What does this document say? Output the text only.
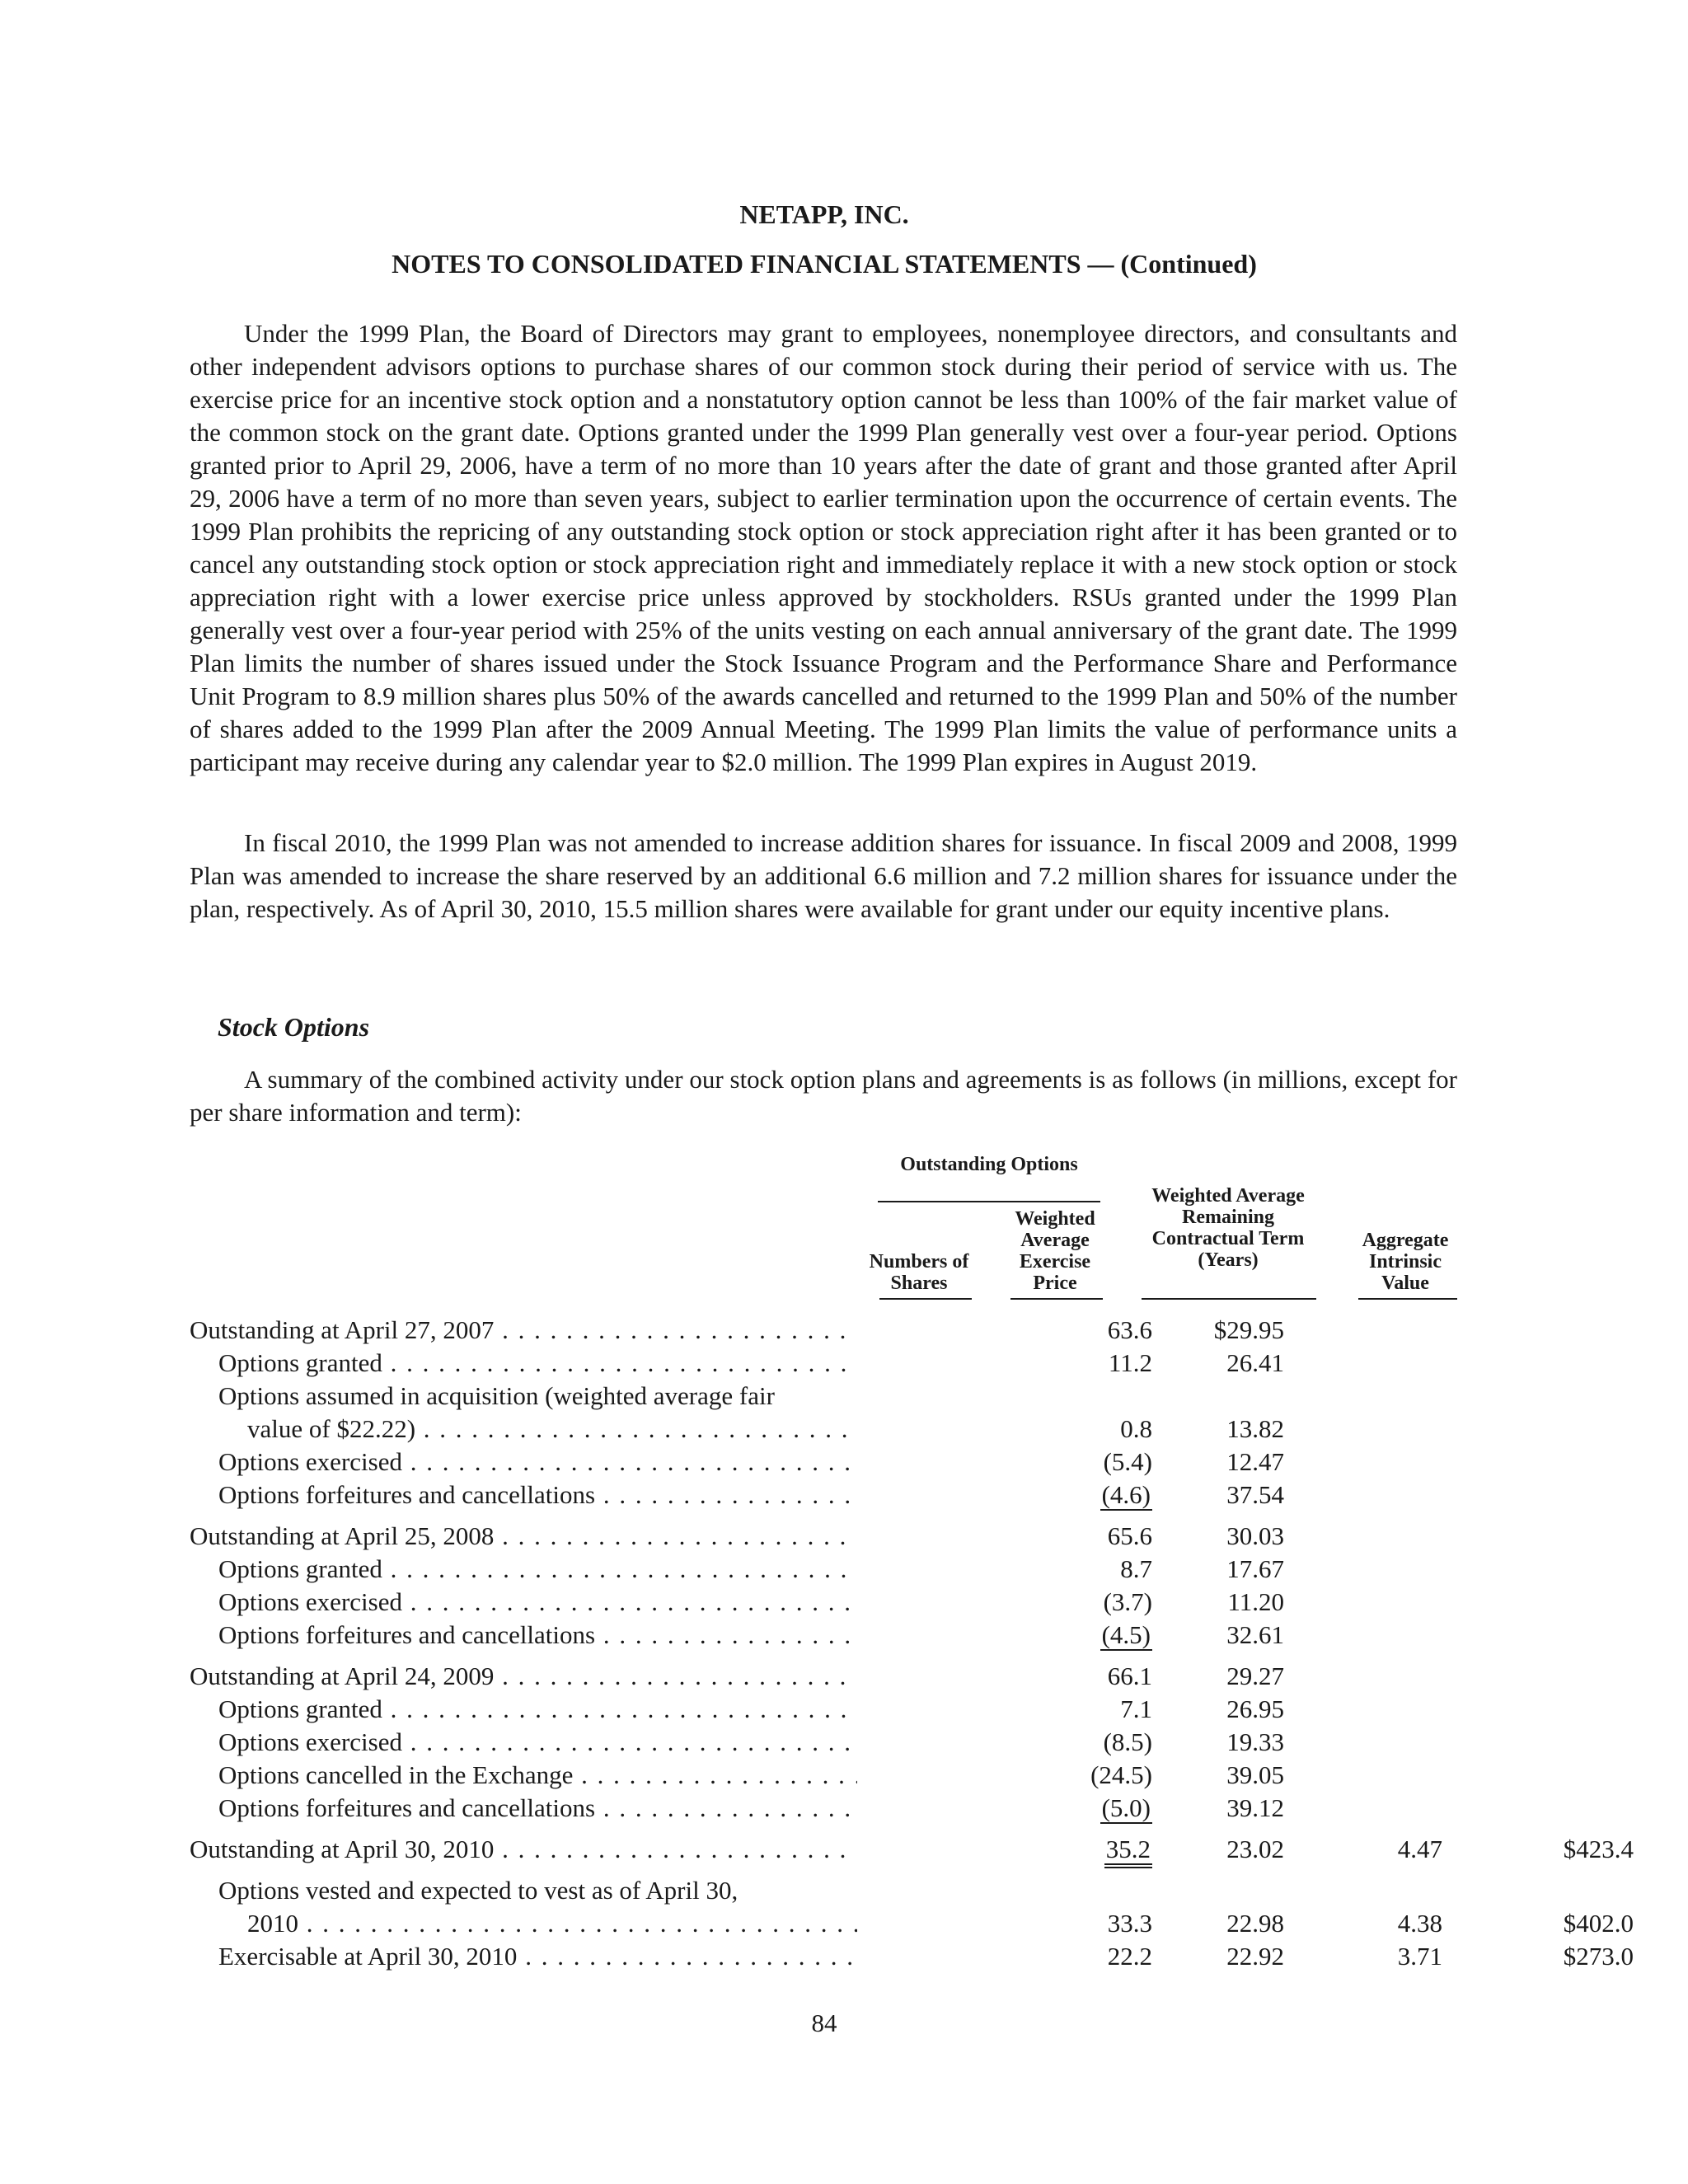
NETAPP, INC.
NOTES TO CONSOLIDATED FINANCIAL STATEMENTS — (Continued)

Under the 1999 Plan, the Board of Directors may grant to employees, nonemployee directors, and consultants and other independent advisors options to purchase shares of our common stock during their period of service with us. The exercise price for an incentive stock option and a nonstatutory option cannot be less than 100% of the fair market value of the common stock on the grant date. Options granted under the 1999 Plan generally vest over a four-year period. Options granted prior to April 29, 2006, have a term of no more than 10 years after the date of grant and those granted after April 29, 2006 have a term of no more than seven years, subject to earlier termination upon the occurrence of certain events. The 1999 Plan prohibits the repricing of any outstanding stock option or stock appreciation right after it has been granted or to cancel any outstanding stock option or stock appreciation right and immediately replace it with a new stock option or stock appreciation right with a lower exercise price unless approved by stockholders. RSUs granted under the 1999 Plan generally vest over a four-year period with 25% of the units vesting on each annual anniversary of the grant date. The 1999 Plan limits the number of shares issued under the Stock Issuance Program and the Performance Share and Performance Unit Program to 8.9 million shares plus 50% of the awards cancelled and returned to the 1999 Plan and 50% of the number of shares added to the 1999 Plan after the 2009 Annual Meeting. The 1999 Plan limits the value of performance units a participant may receive during any calendar year to $2.0 million. The 1999 Plan expires in August 2019.

In fiscal 2010, the 1999 Plan was not amended to increase addition shares for issuance. In fiscal 2009 and 2008, 1999 Plan was amended to increase the share reserved by an additional 6.6 million and 7.2 million shares for issuance under the plan, respectively. As of April 30, 2010, 15.5 million shares were available for grant under our equity incentive plans.

Stock Options

A summary of the combined activity under our stock option plans and agreements is as follows (in millions, except for per share information and term):

Outstanding Options
Numbers of Shares
Weighted Average Exercise Price
Weighted Average Remaining Contractual Term (Years)
Aggregate Intrinsic Value
Outstanding at April 27, 2007 . . .	63.6	$29.95
Options granted . . .	11.2	26.41
Options assumed in acquisition (weighted average fair
value of $22.22) . . .	0.8	13.82
Options exercised . . .	(5.4)	12.47
Options forfeitures and cancellations . . .	(4.6)	37.54
Outstanding at April 25, 2008 . . .	65.6	30.03
Options granted . . .	8.7	17.67
Options exercised . . .	(3.7)	11.20
Options forfeitures and cancellations . . .	(4.5)	32.61
Outstanding at April 24, 2009 . . .	66.1	29.27
Options granted . . .	7.1	26.95
Options exercised . . .	(8.5)	19.33
Options cancelled in the Exchange . . .	(24.5)	39.05
Options forfeitures and cancellations . . .	(5.0)	39.12
Outstanding at April 30, 2010 . . .	35.2	23.02	4.47	$423.4
Options vested and expected to vest as of April 30,
2010 . . .	33.3	22.98	4.38	$402.0
Exercisable at April 30, 2010 . . .	22.2	22.92	3.71	$273.0
84
